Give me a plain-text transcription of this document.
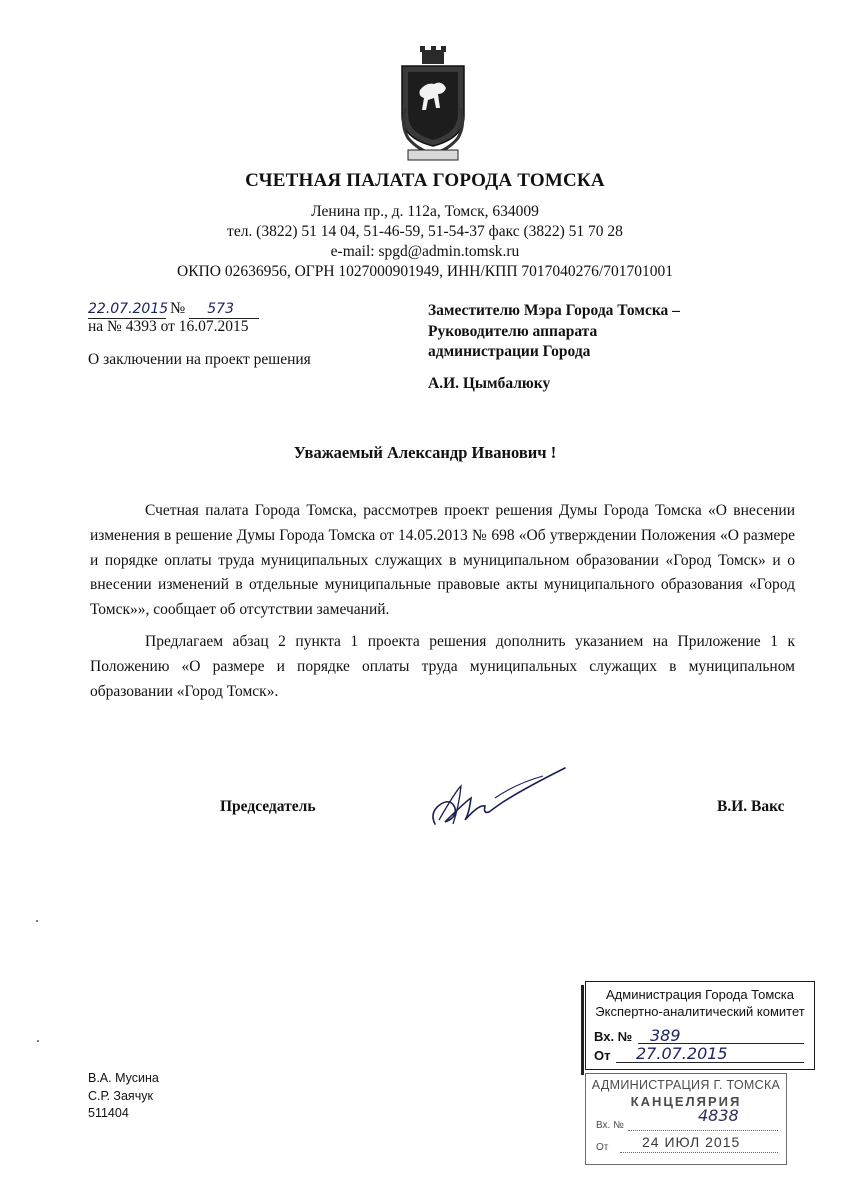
СЧЕТНАЯ ПАЛАТА ГОРОДА ТОМСКА
Ленина пр., д. 112а, Томск, 634009
тел. (3822) 51 14 04, 51-46-59, 51-54-37 факс (3822) 51 70 28
e-mail: spgd@admin.tomsk.ru
ОКПО 02636956, ОГРН 1027000901949, ИНН/КПП 7017040276/701701001
22.07.2015 № 573
на № 4393 от 16.07.2015
О заключении на проект решения
Заместителю Мэра Города Томска –
Руководителю аппарата
администрации Города
А.И. Цымбалюку
Уважаемый Александр Иванович !

Счетная палата Города Томска, рассмотрев проект решения Думы Города Томска «О внесении изменения в решение Думы Города Томска от 14.05.2013 № 698 «Об утверждении Положения «О размере и порядке оплаты труда муниципальных служащих в муниципальном образовании «Город Томск» и о внесении изменений в отдельные муниципальные правовые акты муниципального образования «Город Томск»», сообщает об отсутствии замечаний.

Предлагаем абзац 2 пункта 1 проекта решения дополнить указанием на Приложение 1 к Положению «О размере и порядке оплаты труда муниципальных служащих в муниципальном образовании «Город Томск».

Председатель	В.И. Вакс
В.А. Мусина
С.Р. Заячук
511404
Администрация Города Томска
Экспертно-аналитический комитет
Вх. №	389
От	27.07.2015
АДМИНИСТРАЦИЯ Г. ТОМСКА
КАНЦЕЛЯРИЯ
Вх. №
4838
От 24 ИЮЛ 2015
